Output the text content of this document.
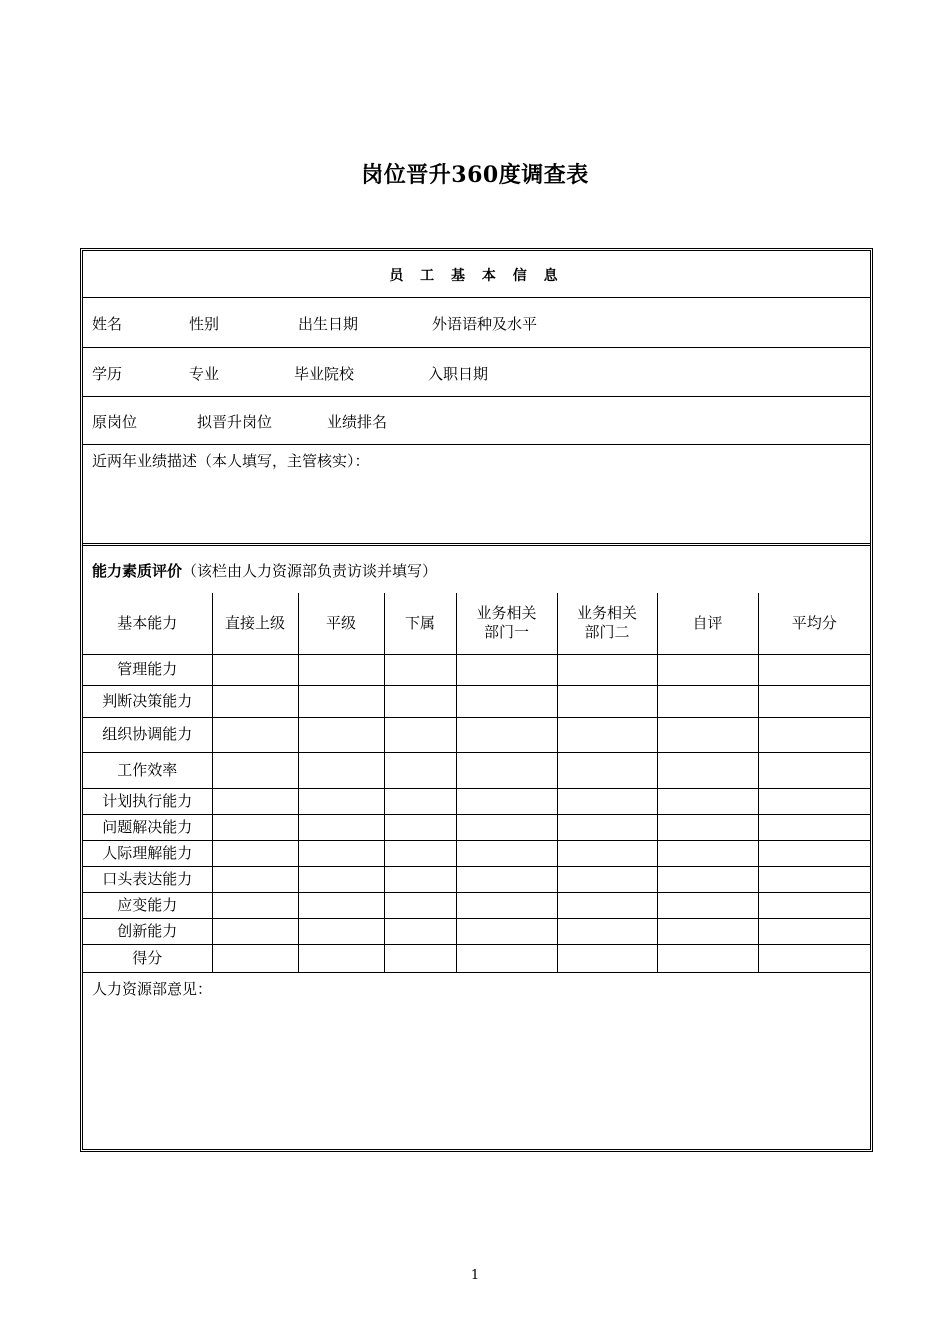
岗位晋升360度调查表
员 工 基 本 信 息
姓名	性别	出生日期	外语语种及水平
学历	专业	毕业院校	入职日期
原岗位	拟晋升岗位	业绩排名
近两年业绩描述（本人填写，主管核实）：
能力素质评价（该栏由人力资源部负责访谈并填写）
基本能力	直接上级	平级	下属	业务相关部门一	业务相关部门二	自评	平均分
管理能力							
判断决策能力							
组织协调能力							
工作效率							
计划执行能力							
问题解决能力							
人际理解能力							
口头表达能力							
应变能力							
创新能力							
得分							
人力资源部意见：
1
